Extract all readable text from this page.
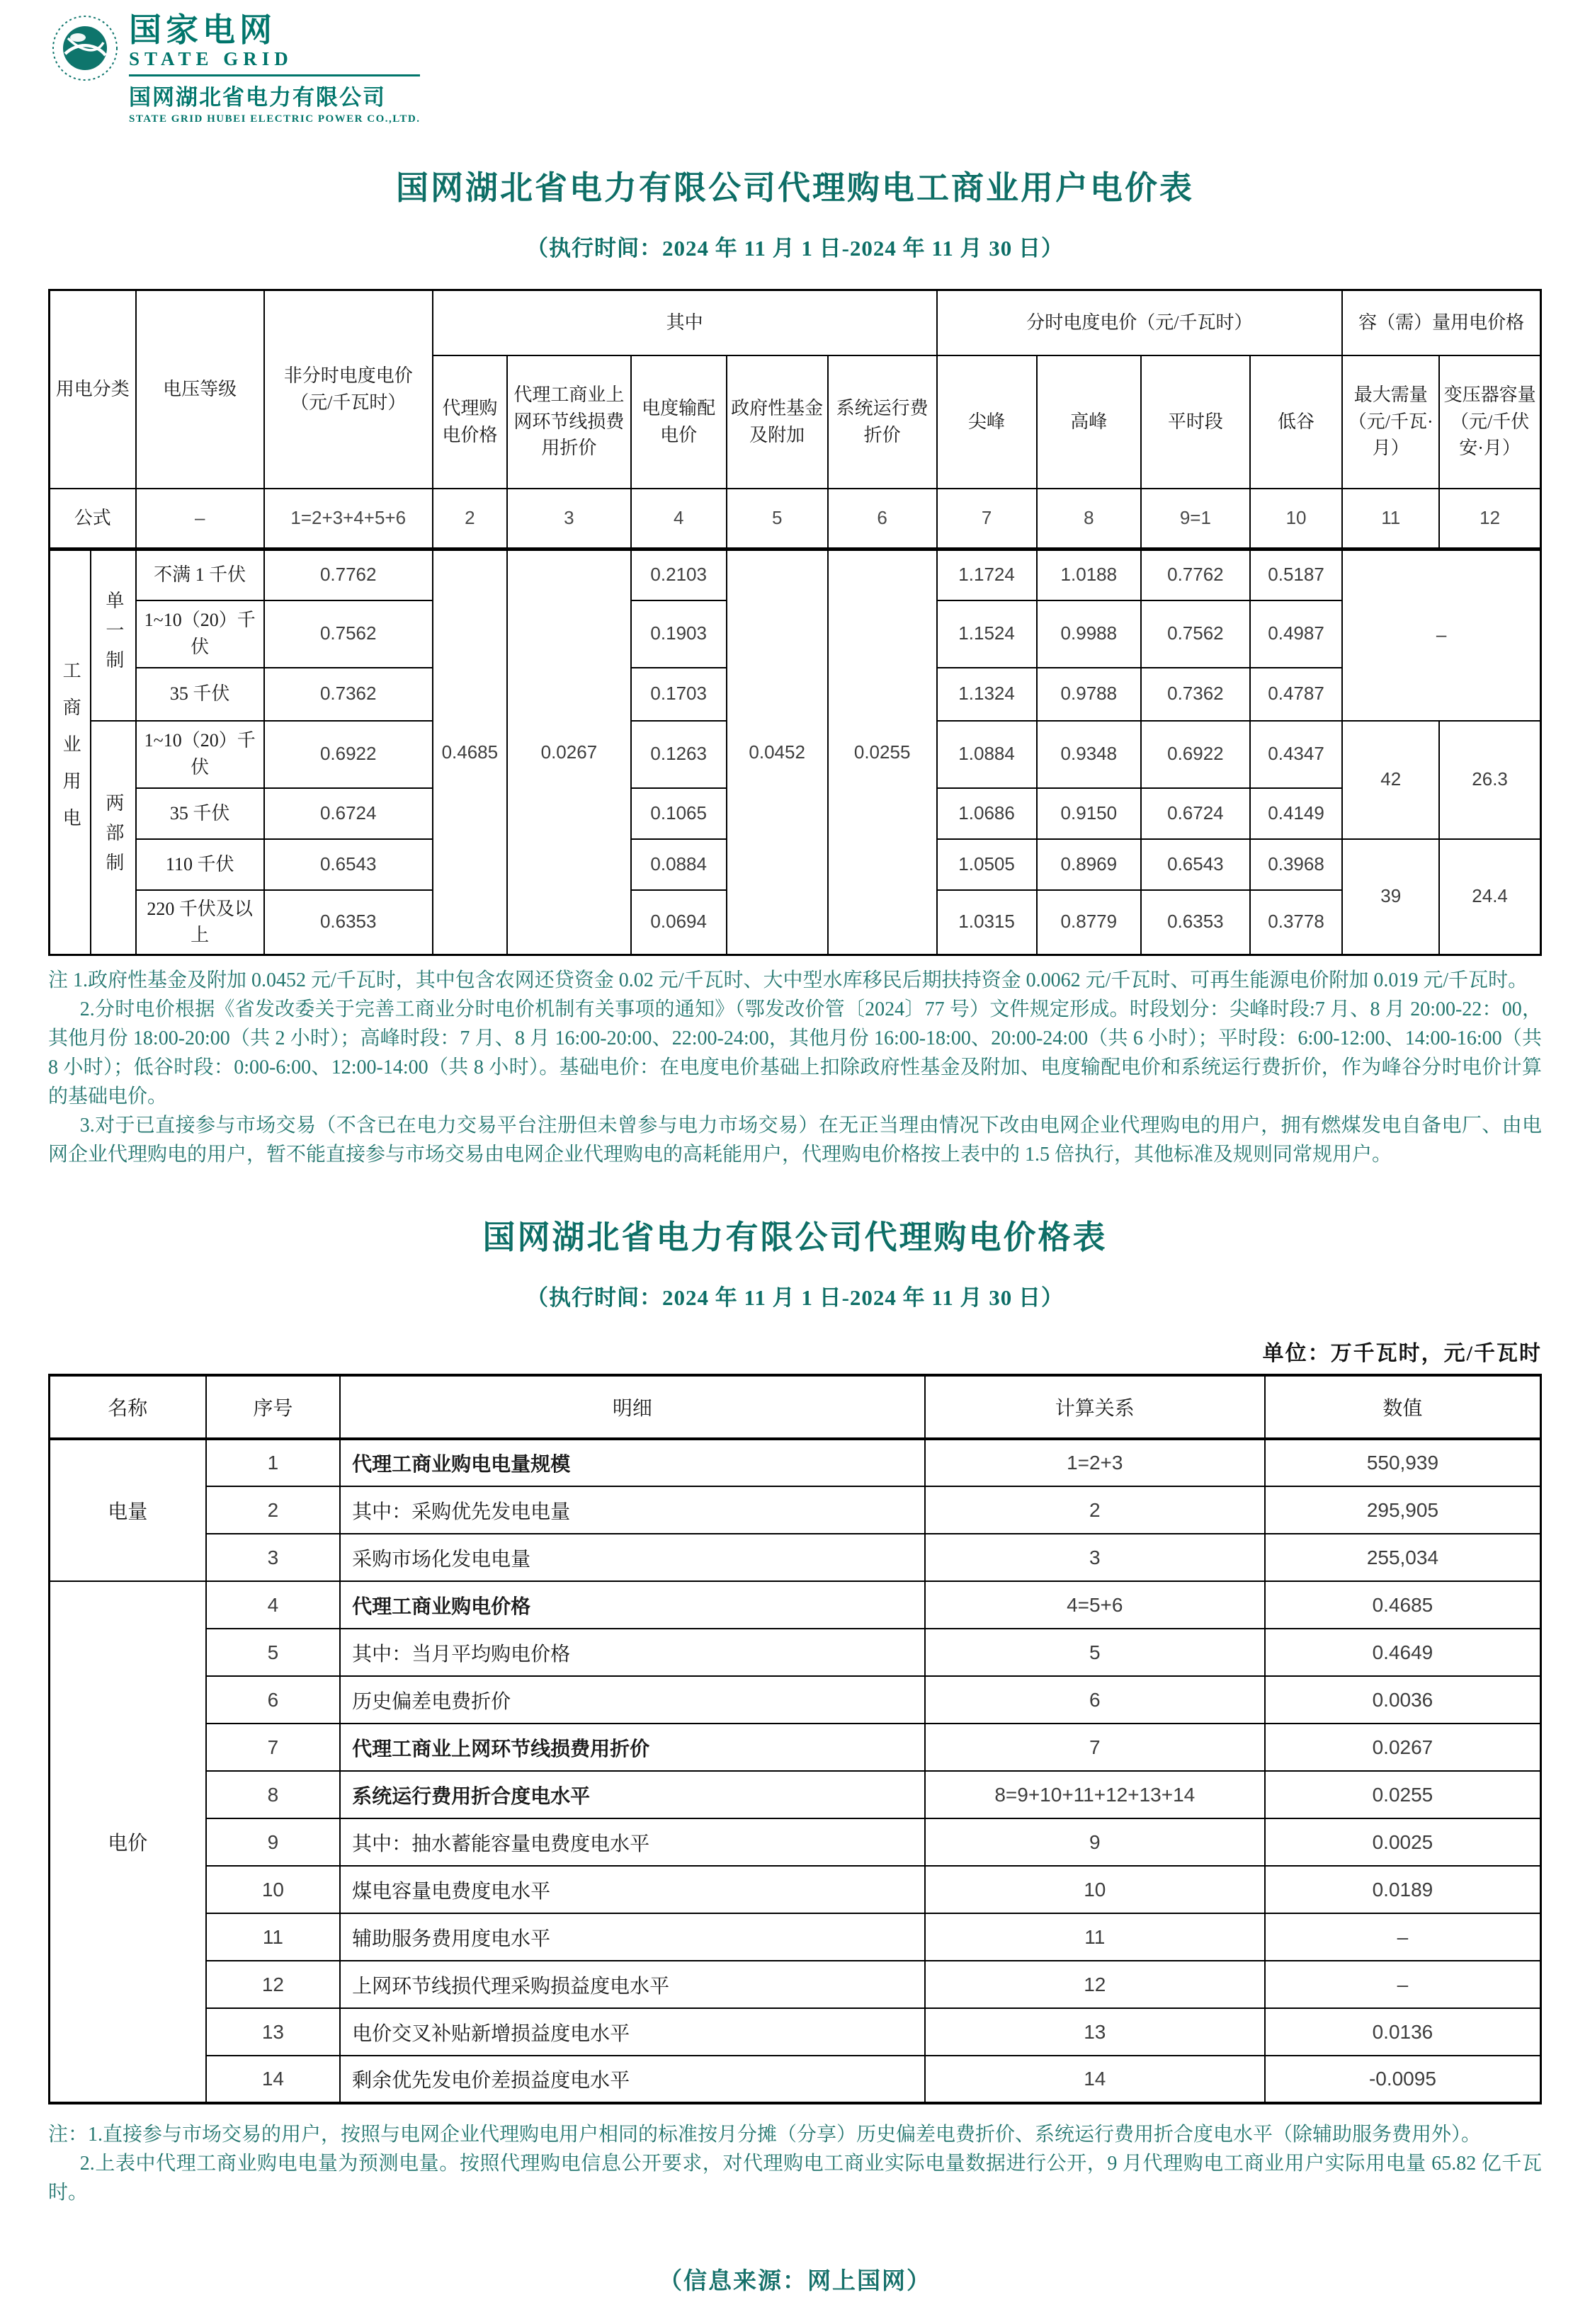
国家电网
STATE GRID
国网湖北省电力有限公司
STATE GRID HUBEI ELECTRIC POWER CO.,LTD.
国网湖北省电力有限公司代理购电工商业用户电价表
（执行时间：2024 年 11 月 1 日-2024 年 11 月 30 日）
用电分类		电压等级	非分时电度电价（元/千瓦时）	其中					分时电度电价（元/千瓦时）				容（需）量用电价格	
				代理购电价格	代理工商业上网环节线损费用折价	电度输配电价	政府性基金及附加	系统运行费折价	尖峰	高峰	平时段	低谷	最大需量（元/千瓦·月）	变压器容量（元/千伏安·月）
公式		–	1=2+3+4+5+6	2	3	4	5	6	7	8	9=1	10	11	12
工商业用电	单一制	不满 1 千伏	0.7762	0.4685	0.0267	0.2103	0.0452	0.0255	1.1724	1.0188	0.7762	0.5187	–	
		1~10（20）千伏	0.7562			0.1903			1.1524	0.9988	0.7562	0.4987		
		35 千伏	0.7362			0.1703			1.1324	0.9788	0.7362	0.4787		
	两部制	1~10（20）千伏	0.6922			0.1263			1.0884	0.9348	0.6922	0.4347	42	26.3
		35 千伏	0.6724			0.1065			1.0686	0.9150	0.6724	0.4149		
		110 千伏	0.6543			0.0884			1.0505	0.8969	0.6543	0.3968	39	24.4
		220 千伏及以上	0.6353			0.0694			1.0315	0.8779	0.6353	0.3778		

注 1.政府性基金及附加 0.0452 元/千瓦时，其中包含农网还贷资金 0.02 元/千瓦时、大中型水库移民后期扶持资金 0.0062 元/千瓦时、可再生能源电价附加 0.019 元/千瓦时。

2.分时电价根据《省发改委关于完善工商业分时电价机制有关事项的通知》（鄂发改价管〔2024〕77 号）文件规定形成。时段划分：尖峰时段:7 月、8 月 20:00-22：00，其他月份 18:00-20:00（共 2 小时）；高峰时段：7 月、8 月 16:00-20:00、22:00-24:00，其他月份 16:00-18:00、20:00-24:00（共 6 小时）；平时段：6:00-12:00、14:00-16:00（共 8 小时）；低谷时段：0:00-6:00、12:00-14:00（共 8 小时）。基础电价：在电度电价基础上扣除政府性基金及附加、电度输配电价和系统运行费折价，作为峰谷分时电价计算的基础电价。

3.对于已直接参与市场交易（不含已在电力交易平台注册但未曾参与电力市场交易）在无正当理由情况下改由电网企业代理购电的用户，拥有燃煤发电自备电厂、由电网企业代理购电的用户，暂不能直接参与市场交易由电网企业代理购电的高耗能用户，代理购电价格按上表中的 1.5 倍执行，其他标准及规则同常规用户。

国网湖北省电力有限公司代理购电价格表
（执行时间：2024 年 11 月 1 日-2024 年 11 月 30 日）
单位：万千瓦时，元/千瓦时
名称	序号	明细	计算关系	数值
电量	1	代理工商业购电电量规模	1=2+3	550,939
	2	其中：采购优先发电电量	2	295,905
	3	采购市场化发电电量	3	255,034
电价	4	代理工商业购电价格	4=5+6	0.4685
	5	其中：当月平均购电价格	5	0.4649
	6	历史偏差电费折价	6	0.0036
	7	代理工商业上网环节线损费用折价	7	0.0267
	8	系统运行费用折合度电水平	8=9+10+11+12+13+14	0.0255
	9	其中：抽水蓄能容量电费度电水平	9	0.0025
	10	煤电容量电费度电水平	10	0.0189
	11	辅助服务费用度电水平	11	–
	12	上网环节线损代理采购损益度电水平	12	–
	13	电价交叉补贴新增损益度电水平	13	0.0136
	14	剩余优先发电价差损益度电水平	14	-0.0095

注：1.直接参与市场交易的用户，按照与电网企业代理购电用户相同的标准按月分摊（分享）历史偏差电费折价、系统运行费用折合度电水平（除辅助服务费用外）。

2.上表中代理工商业购电电量为预测电量。按照代理购电信息公开要求，对代理购电工商业实际电量数据进行公开，9 月代理购电工商业用户实际用电量 65.82 亿千瓦时。

（信息来源：网上国网）
